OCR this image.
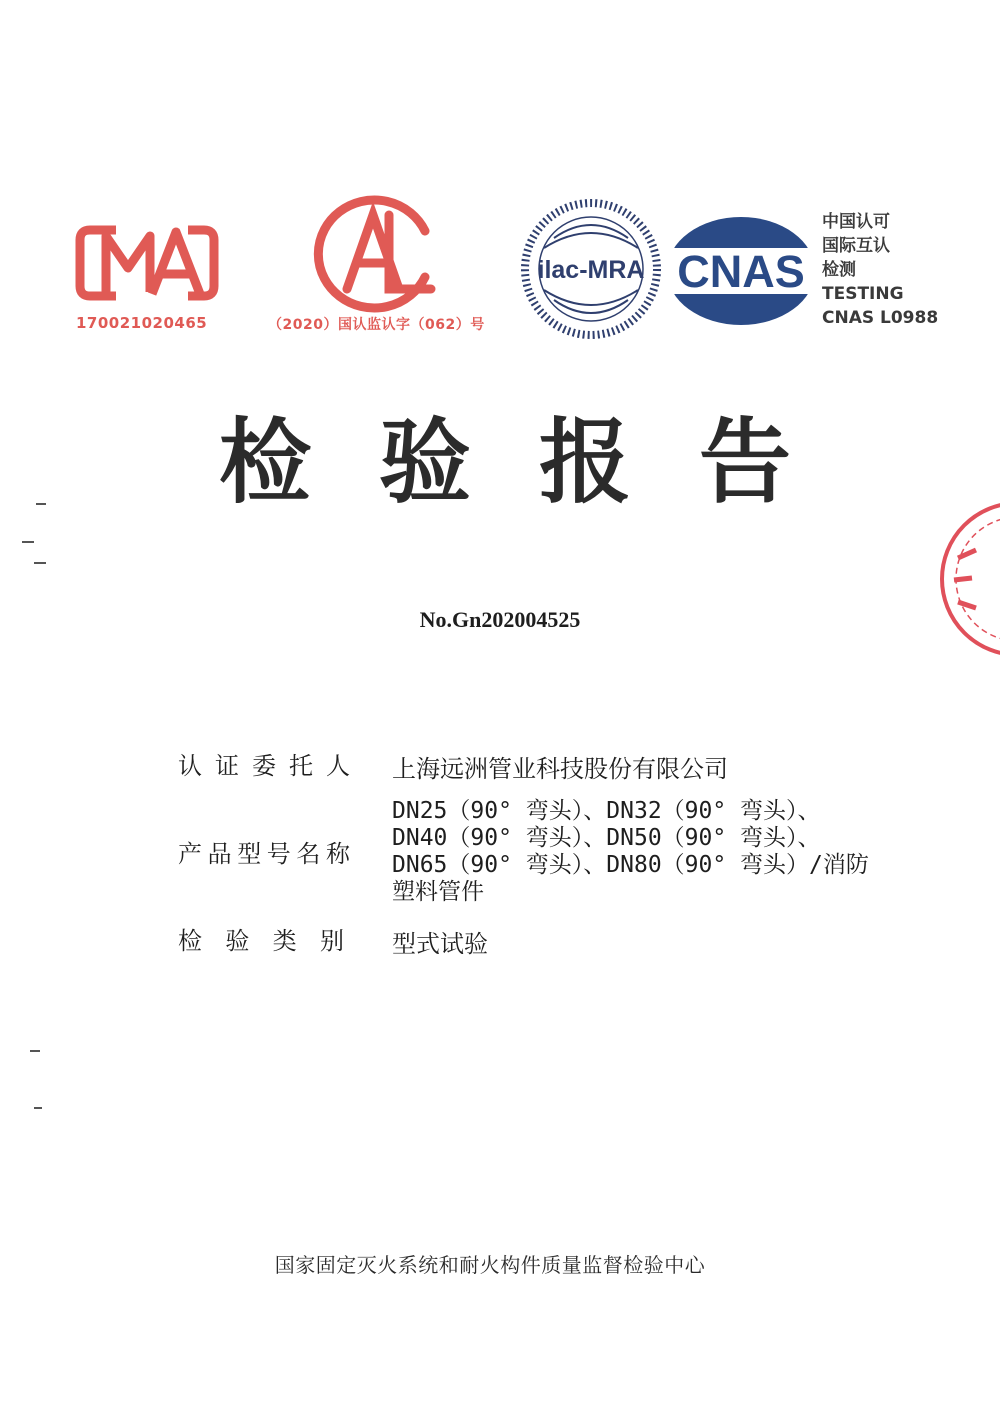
170021020465	（2020）国认监认字（062）号
ilac-MRA CNAS
中国认可
国际互认
检测
TESTING
CNAS L0988
检 验 报 告
No.Gn202004525
认 证 委 托 人 上海远洲管业科技股份有限公司
产 品 型 号 名 称
DN25（90° 弯头）、DN32（90° 弯头）、
DN40（90° 弯头）、DN50（90° 弯头）、
DN65（90° 弯头）、DN80（90° 弯头）/消防
塑料管件
检 验 类 别 型式试验
国家固定灭火系统和耐火构件质量监督检验中心
